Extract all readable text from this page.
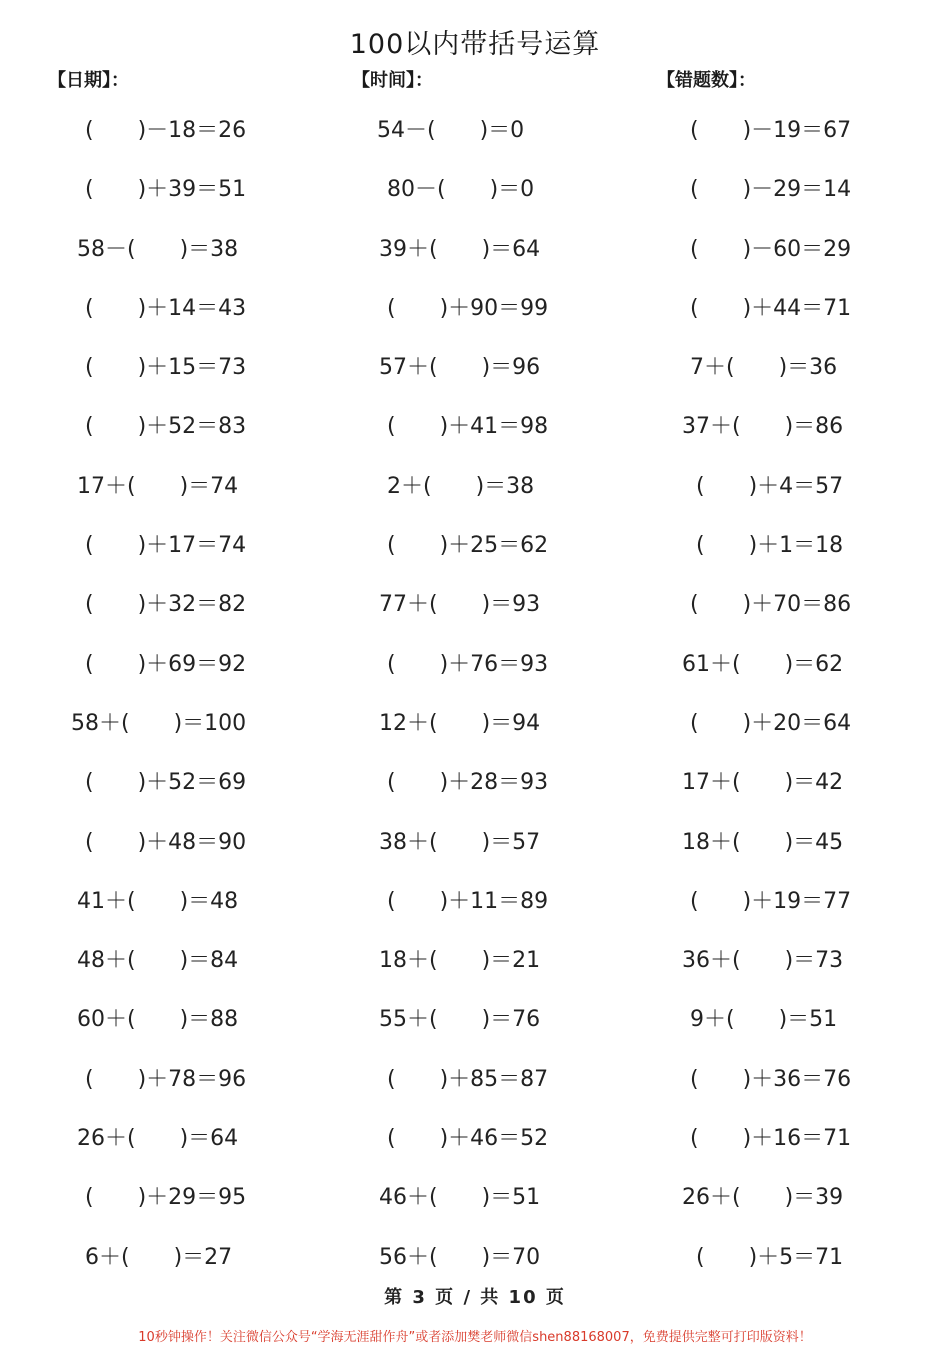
100以内带括号运算
【日期】：	【时间】：	【错题数】：
(　　)－18＝26	54－(　　)＝0	(　　)－19＝67
(　　)＋39＝51	80－(　　)＝0	(　　)－29＝14
58－(　　)＝38	39＋(　　)＝64	(　　)－60＝29
(　　)＋14＝43	(　　)＋90＝99	(　　)＋44＝71
(　　)＋15＝73	57＋(　　)＝96	7＋(　　)＝36
(　　)＋52＝83	(　　)＋41＝98	37＋(　　)＝86
17＋(　　)＝74	2＋(　　)＝38	(　　)＋4＝57
(　　)＋17＝74	(　　)＋25＝62	(　　)＋1＝18
(　　)＋32＝82	77＋(　　)＝93	(　　)＋70＝86
(　　)＋69＝92	(　　)＋76＝93	61＋(　　)＝62
58＋(　　)＝100	12＋(　　)＝94	(　　)＋20＝64
(　　)＋52＝69	(　　)＋28＝93	17＋(　　)＝42
(　　)＋48＝90	38＋(　　)＝57	18＋(　　)＝45
41＋(　　)＝48	(　　)＋11＝89	(　　)＋19＝77
48＋(　　)＝84	18＋(　　)＝21	36＋(　　)＝73
60＋(　　)＝88	55＋(　　)＝76	9＋(　　)＝51
(　　)＋78＝96	(　　)＋85＝87	(　　)＋36＝76
26＋(　　)＝64	(　　)＋46＝52	(　　)＋16＝71
(　　)＋29＝95	46＋(　　)＝51	26＋(　　)＝39
6＋(　　)＝27	56＋(　　)＝70	(　　)＋5＝71
第 3 页 / 共 10 页
10秒钟操作！关注微信公众号“学海无涯甜作舟”或者添加樊老师微信shen88168007，免费提供完整可打印版资料！
